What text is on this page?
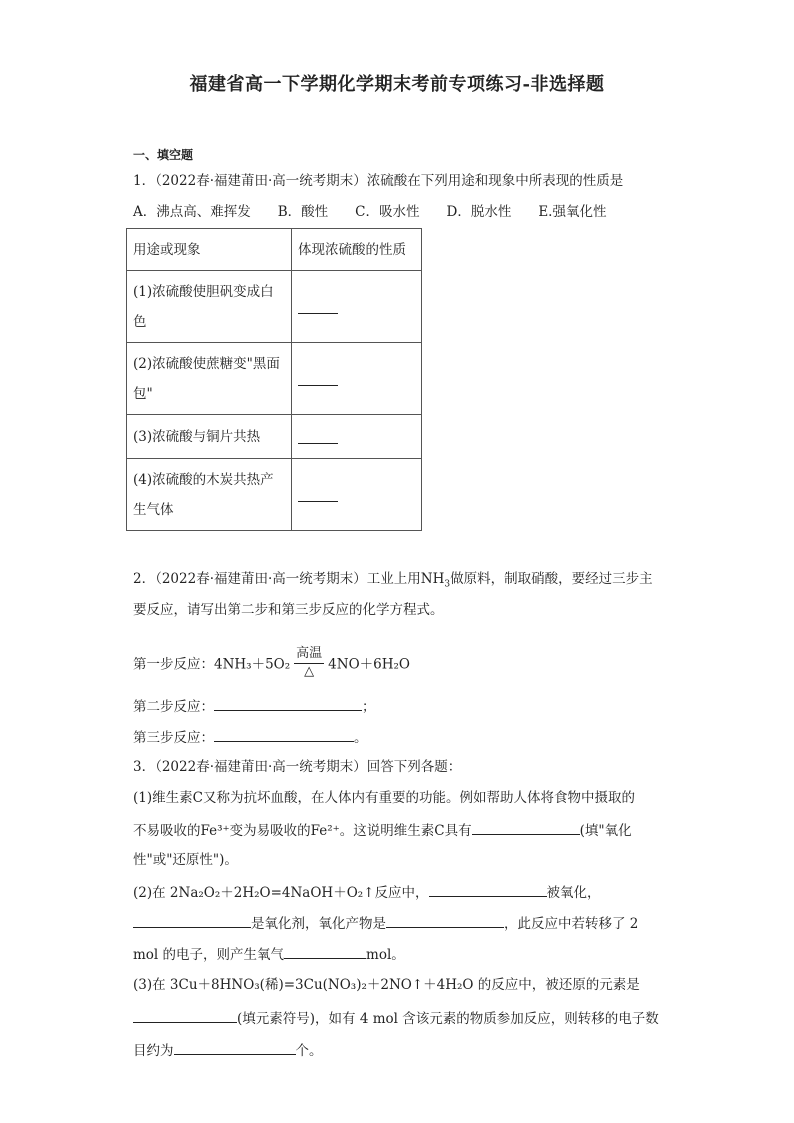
福建省高一下学期化学期末考前专项练习-非选择题
一、填空题
1．（2022春·福建莆田·高一统考期末）浓硫酸在下列用途和现象中所表现的性质是
A．沸点高、难挥发　　B．酸性　　C．吸水性　　D．脱水性　　E.强氧化性
用途或现象	体现浓硫酸的性质

(1)浓硫酸使胆矾变成白
色	

(2)浓硫酸使蔗糖变"黑面
包"	

(3)浓硫酸与铜片共热	

(4)浓硫酸的木炭共热产
生气体	

2．（2022春·福建莆田·高一统考期末）工业上用$NH_3$做原料，制取硝酸，要经过三步主
要反应，请写出第二步和第三步反应的化学方程式。
第一步反应：$4NH_3+5O_2 \frac{\text{高温}}{\triangle} 4NO+6H_2O$
第二步反应：	；
第三步反应：	。
3．（2022春·福建莆田·高一统考期末）回答下列各题：
(1)维生素C又称为抗坏血酸，在人体内有重要的功能。例如帮助人体将食物中摄取的
不易吸收的Fe³⁺变为易吸收的Fe²⁺。这说明维生素C具有	(填"氧化
性"或"还原性")。
(2)在 2Na₂O₂＋2H₂O=4NaOH＋O₂↑反应中，	被氧化，
是氧化剂，氧化产物是	，此反应中若转移了 2
mol 的电子，则产生氧气	mol。
(3)在 3Cu＋8HNO₃(稀)=3Cu(NO₃)₂＋2NO↑＋4H₂O 的反应中，被还原的元素是
(填元素符号)，如有 4 mol 含该元素的物质参加反应，则转移的电子数
目约为	个。
